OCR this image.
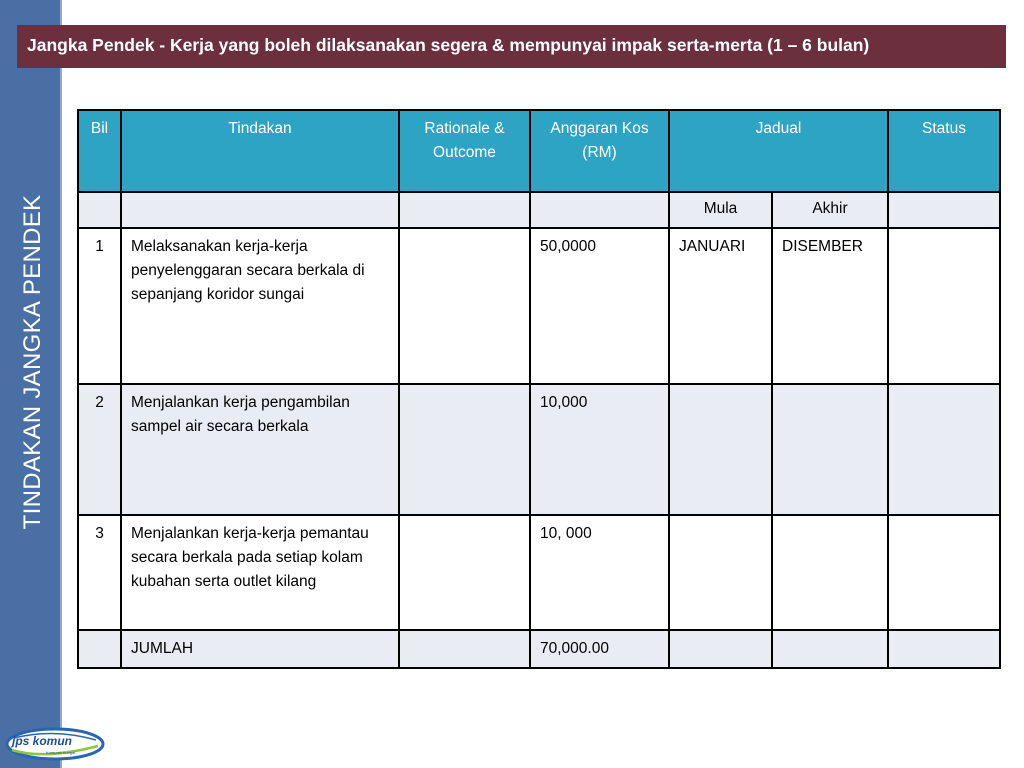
TINDAKAN JANGKA PENDEK
Jangka Pendek - Kerja yang boleh dilaksanakan segera & mempunyai impak serta-merta (1 – 6 bulan)
Bil	Tindakan	Rationale & Outcome	Anggaran Kos (RM)	Jadual		Status
				Mula	Akhir	
1	Melaksanakan kerja-kerja penyelenggaran secara berkala di sepanjang koridor sungai		50,0000	JANUARI	DISEMBER	
2	Menjalankan kerja pengambilan sampel air secara berkala		10,000			
3	Menjalankan kerja-kerja pemantau secara berkala pada setiap kolam kubahan serta outlet kilang		10, 000			
	JUMLAH		70,000.00			
jps komun
Komuniti Sungai
